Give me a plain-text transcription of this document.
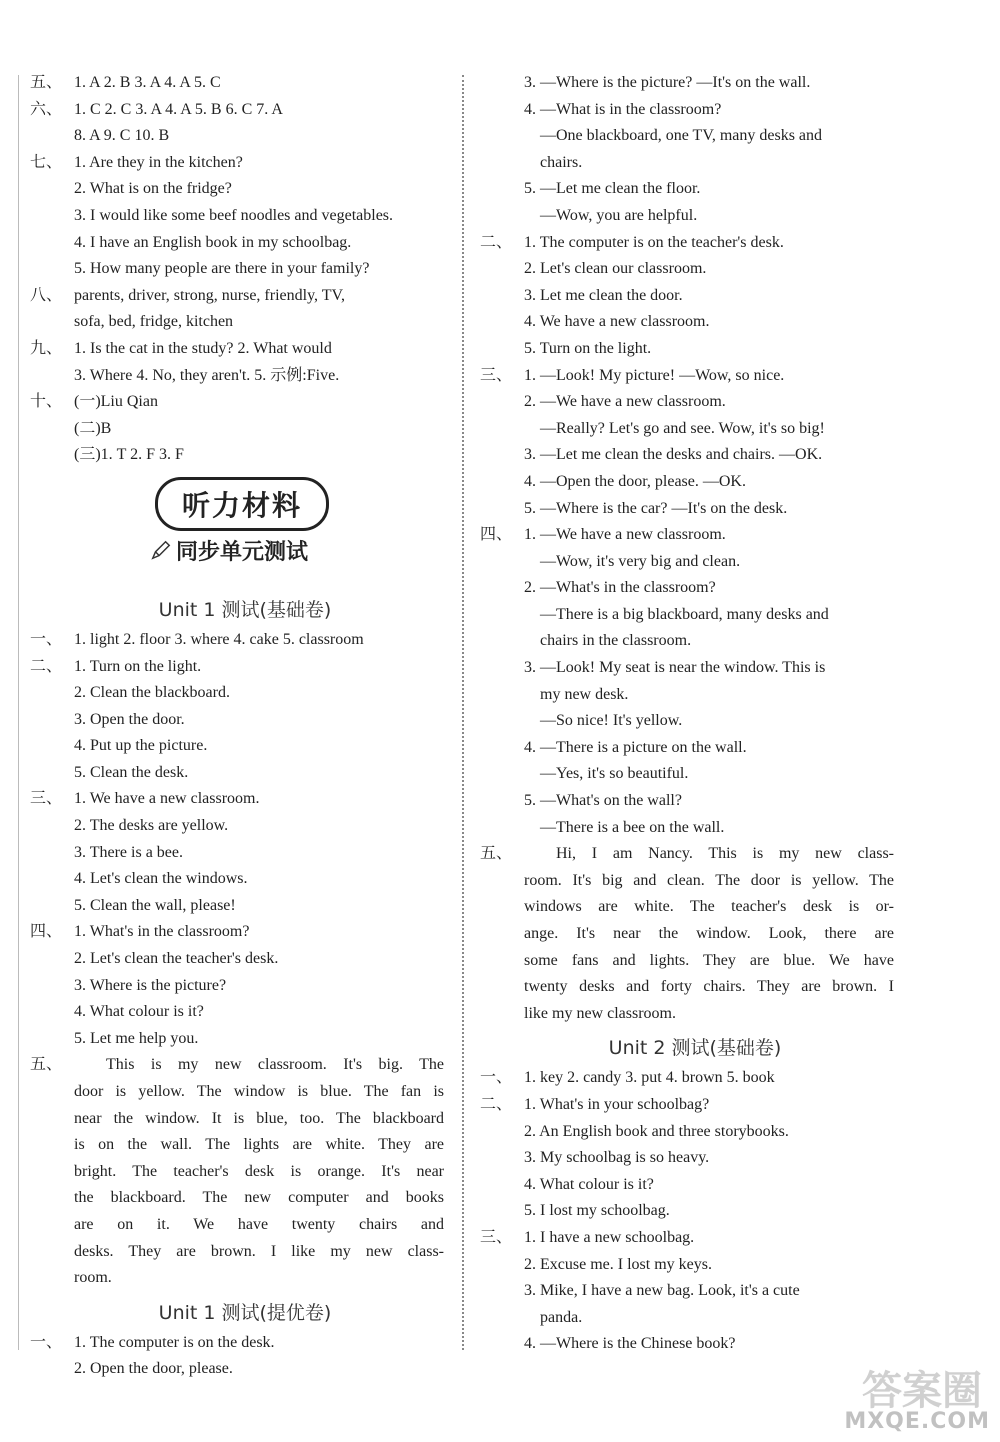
五、 1. A 2. B 3. A 4. A 5. C
六、 1. C 2. C 3. A 4. A 5. B 6. C 7. A
8. A 9. C 10. B
七、 1. Are they in the kitchen?
2. What is on the fridge?
3. I would like some beef noodles and vegetables.
4. I have an English book in my schoolbag.
5. How many people are there in your family?
八、 parents, driver, strong, nurse, friendly, TV,
sofa, bed, fridge, kitchen
九、 1. Is the cat in the study? 2. What would
3. Where 4. No, they aren't. 5. 示例:Five.
十、 (一)Liu Qian
(二)B
(三)1. T 2. F 3. F
听力材料
同步单元测试
Unit 1 测试(基础卷)
一、 1. light 2. floor 3. where 4. cake 5. classroom
二、 1. Turn on the light.
2. Clean the blackboard.
3. Open the door.
4. Put up the picture.
5. Clean the desk.
三、 1. We have a new classroom.
2. The desks are yellow.
3. There is a bee.
4. Let's clean the windows.
5. Clean the wall, please!
四、 1. What's in the classroom?
2. Let's clean the teacher's desk.
3. Where is the picture?
4. What colour is it?
5. Let me help you.
五、	This is my new classroom. It's big. The
door is yellow. The window is blue. The fan is
near the window. It is blue, too. The blackboard
is on the wall. The lights are white. They are
bright. The teacher's desk is orange. It's near
the blackboard. The new computer and books
are on it. We have twenty chairs and
desks. They are brown. I like my new class-
room.
Unit 1 测试(提优卷)
一、 1. The computer is on the desk.
2. Open the door, please.
3. —Where is the picture? —It's on the wall.
4. —What is in the classroom?
—One blackboard, one TV, many desks and
chairs.
5. —Let me clean the floor.
—Wow, you are helpful.
二、 1. The computer is on the teacher's desk.
2. Let's clean our classroom.
3. Let me clean the door.
4. We have a new classroom.
5. Turn on the light.
三、 1. —Look! My picture! —Wow, so nice.
2. —We have a new classroom.
—Really? Let's go and see. Wow, it's so big!
3. —Let me clean the desks and chairs. —OK.
4. —Open the door, please. —OK.
5. —Where is the car? —It's on the desk.
四、 1. —We have a new classroom.
—Wow, it's very big and clean.
2. —What's in the classroom?
—There is a big blackboard, many desks and
chairs in the classroom.
3. —Look! My seat is near the window. This is
my new desk.
—So nice! It's yellow.
4. —There is a picture on the wall.
—Yes, it's so beautiful.
5. —What's on the wall?
—There is a bee on the wall.
五、	Hi, I am Nancy. This is my new class-
room. It's big and clean. The door is yellow. The
windows are white. The teacher's desk is or-
ange. It's near the window. Look, there are
some fans and lights. They are blue. We have
twenty desks and forty chairs. They are brown. I
like my new classroom.
Unit 2 测试(基础卷)
一、 1. key 2. candy 3. put 4. brown 5. book
二、 1. What's in your schoolbag?
2. An English book and three storybooks.
3. My schoolbag is so heavy.
4. What colour is it?
5. I lost my schoolbag.
三、 1. I have a new schoolbag.
2. Excuse me. I lost my keys.
3. Mike, I have a new bag. Look, it's a cute
panda.
4. —Where is the Chinese book?
答案圈
MXQE.COM
